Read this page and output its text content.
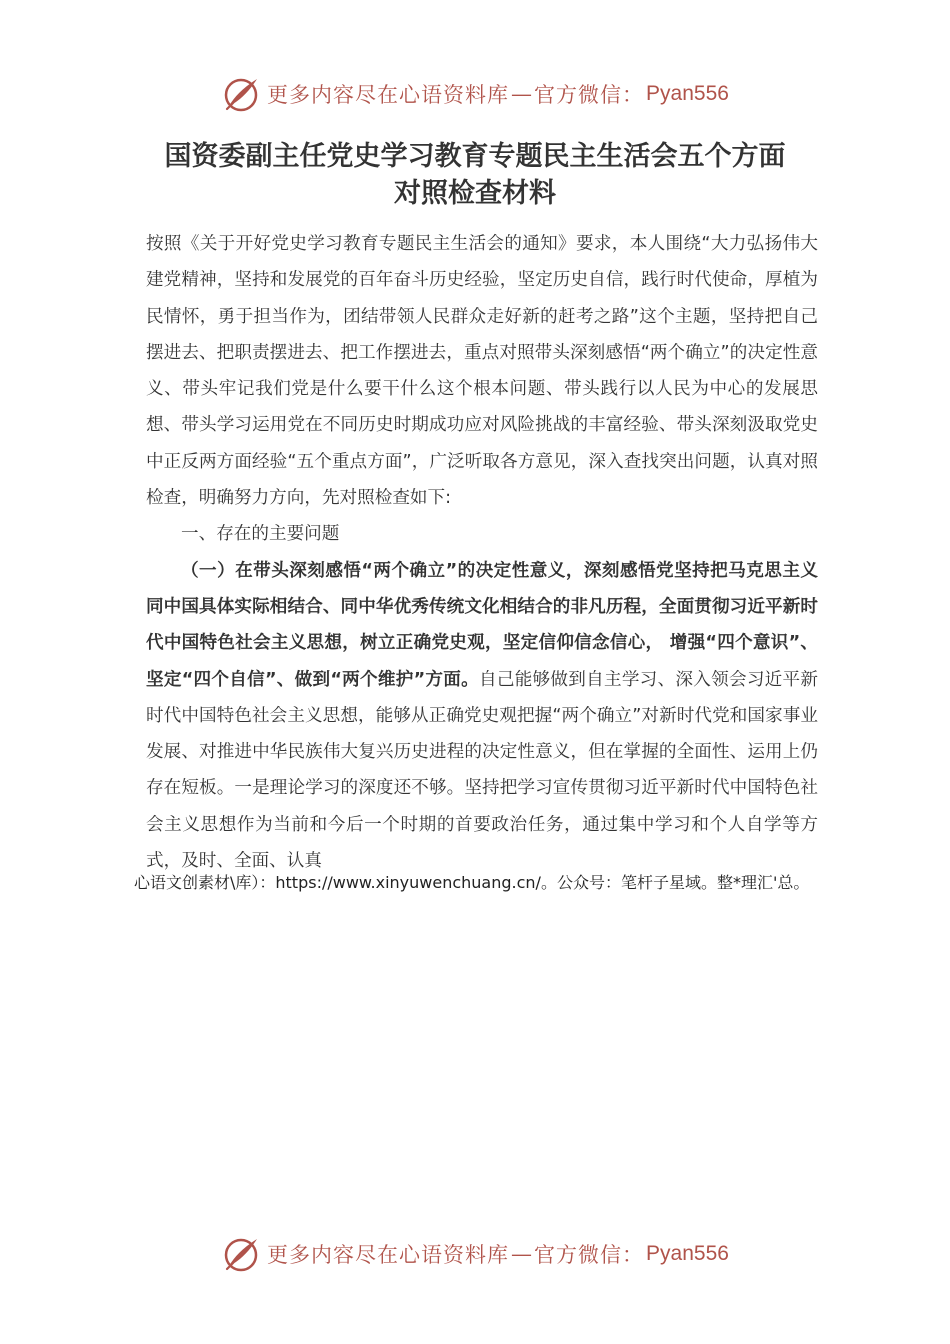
更多内容尽在心语资料库 — 官方微信： Pyan556
国资委副主任党史学习教育专题民主生活会五个方面
对照检查材料

按照《关于开好党史学习教育专题民主生活会的通知》要求，本人围绕“大力弘扬伟大建党精神，坚持和发展党的百年奋斗历史经验，坚定历史自信，践行时代使命，厚植为民情怀，勇于担当作为，团结带领人民群众走好新的赶考之路”这个主题，坚持把自己摆进去、把职责摆进去、把工作摆进去，重点对照带头深刻感悟“两个确立”的决定性意义、带头牢记我们党是什么要干什么这个根本问题、带头践行以人民为中心的发展思想、带头学习运用党在不同历史时期成功应对风险挑战的丰富经验、带头深刻汲取党史中正反两方面经验“五个重点方面”，广泛听取各方意见，深入查找突出问题，认真对照检查，明确努力方向，先对照检查如下:

一、存在的主要问题

（一）在带头深刻感悟“两个确立”的决定性意义，深刻感悟党坚持把马克思主义同中国具体实际相结合、同中华优秀传统文化相结合的非凡历程，全面贯彻习近平新时代中国特色社会主义思想，树立正确党史观，坚定信仰信念信心， 增强“四个意识”、坚定“四个自信”、做到“两个维护”方面。自己能够做到自主学习、深入领会习近平新时代中国特色社会主义思想，能够从正确党史观把握“两个确立”对新时代党和国家事业发展、对推进中华民族伟大复兴历史进程的决定性意义，但在掌握的全面性、运用上仍存在短板。一是理论学习的深度还不够。坚持把学习宣传贯彻习近平新时代中国特色社会主义思想作为当前和今后一个时期的首要政治任务，通过集中学习和个人自学等方式，及时、全面、认真

心语文创素材\库）：https://www.xinyuwenchuang.cn/。公众号：笔杆子星域。整*理汇'总。
更多内容尽在心语资料库 — 官方微信： Pyan556
